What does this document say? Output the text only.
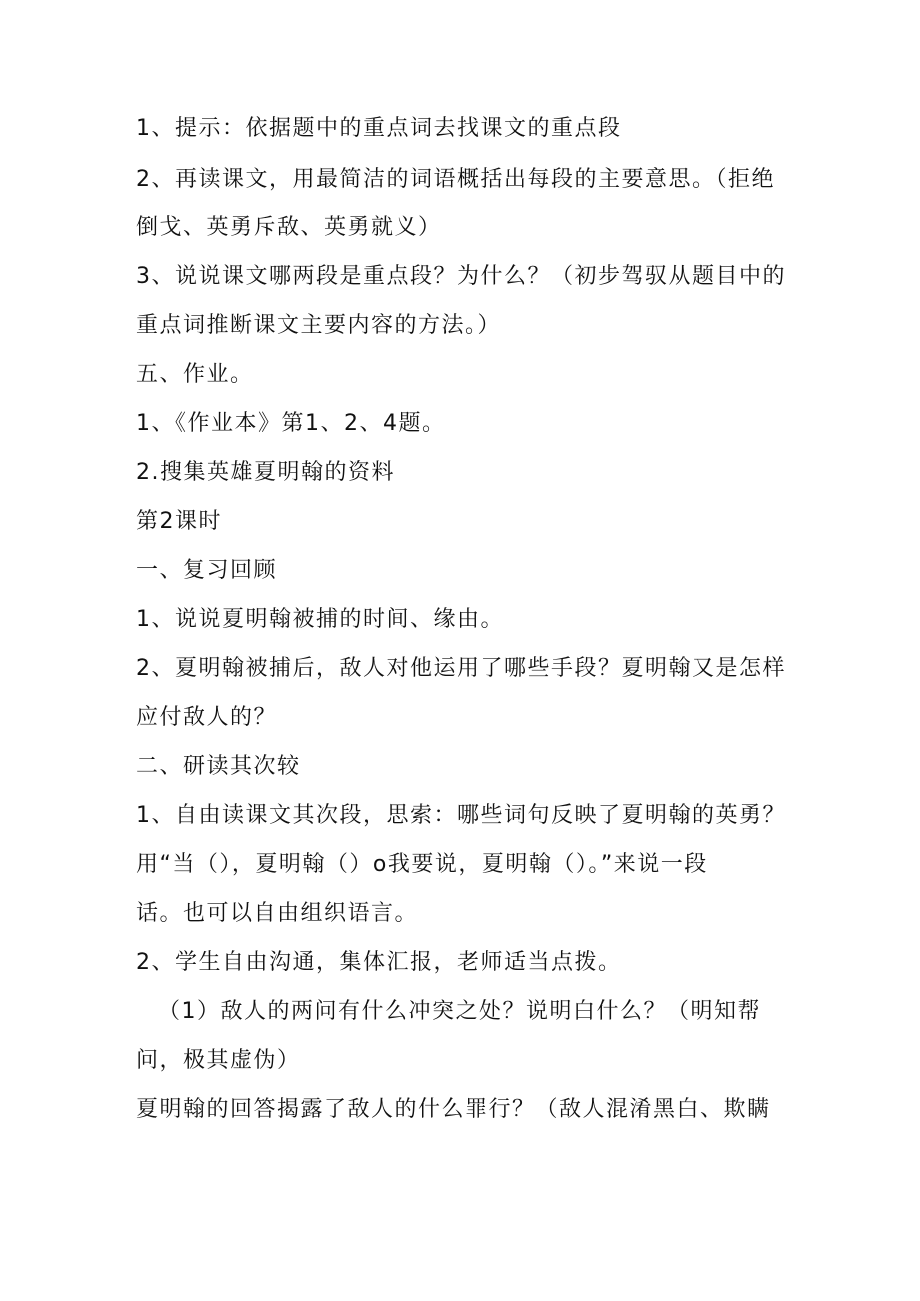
1、提示：依据题中的重点词去找课文的重点段
2、再读课文，用最简洁的词语概括出每段的主要意思。（拒绝
倒戈、英勇斥敌、英勇就义）
3、说说课文哪两段是重点段？为什么？（初步驾驭从题目中的
重点词推断课文主要内容的方法。）
五、作业。
1、《作业本》第1、2、4题。
2.搜集英雄夏明翰的资料
第2课时
一、复习回顾
1、说说夏明翰被捕的时间、缘由。
2、夏明翰被捕后，敌人对他运用了哪些手段？夏明翰又是怎样
应付敌人的？
二、研读其次较
1、自由读课文其次段，思索：哪些词句反映了夏明翰的英勇？
用“当（），夏明翰（）o我要说，夏明翰（）。”来说一段
话。也可以自由组织语言。
2、学生自由沟通，集体汇报，老师适当点拨。
（1）敌人的两问有什么冲突之处？说明白什么？（明知帮
问，极其虚伪）
夏明翰的回答揭露了敌人的什么罪行？（敌人混淆黑白、欺瞒
